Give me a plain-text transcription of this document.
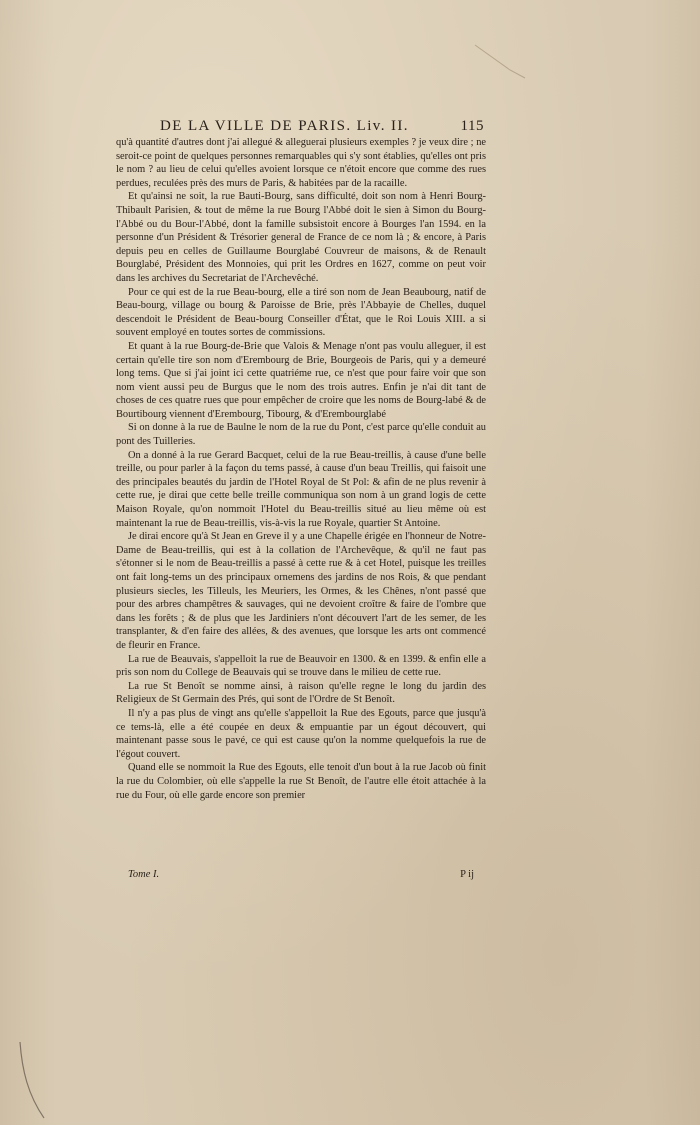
DE LA VILLE DE PARIS. Liv. II.	115

qu'à quantité d'autres dont j'ai allegué & alleguerai plusieurs exemples ? je veux dire ; ne seroit-ce point de quelques personnes remarquables qui s'y sont établies, qu'elles ont pris le nom ? au lieu de celui qu'elles avoient lorsque ce n'étoit encore que comme des rues perdues, reculées près des murs de Paris, & habitées par de la racaille.

Et qu'ainsi ne soit, la rue Bauti-Bourg, sans difficulté, doit son nom à Henri Bourg-Thibault Parisien, & tout de même la rue Bourg l'Abbé doit le sien à Simon du Bourg-l'Abbé ou du Bour-l'Abbé, dont la famille subsistoit encore à Bourges l'an 1594. en la personne d'un Président & Trésorier general de France de ce nom là ; & encore, à Paris depuis peu en celles de Guillaume Bourglabé Couvreur de maisons, & de Renault Bourglabé, Président des Monnoies, qui prit les Ordres en 1627, comme on peut voir dans les archives du Secretariat de l'Archevêché.

Pour ce qui est de la rue Beau-bourg, elle a tiré son nom de Jean Beaubourg, natif de Beau-bourg, village ou bourg & Paroisse de Brie, près l'Abbayie de Chelles, duquel descendoit le Président de Beau-bourg Conseiller d'État, que le Roi Louis XIII. a si souvent employé en toutes sortes de commissions.

Et quant à la rue Bourg-de-Brie que Valois & Menage n'ont pas voulu alleguer, il est certain qu'elle tire son nom d'Erembourg de Brie, Bourgeois de Paris, qui y a demeuré long tems. Que si j'ai joint ici cette quatriéme rue, ce n'est que pour faire voir que son nom vient aussi peu de Burgus que le nom des trois autres. Enfin je n'ai dit tant de choses de ces quatre rues que pour empêcher de croire que les noms de Bourg-labé & de Bourtibourg viennent d'Erembourg, Tibourg, & d'Erembourglabé

Si on donne à la rue de Baulne le nom de la rue du Pont, c'est parce qu'elle conduit au pont des Tuilleries.

On a donné à la rue Gerard Bacquet, celui de la rue Beau-treillis, à cause d'une belle treille, ou pour parler à la façon du tems passé, à cause d'un beau Treillis, qui faisoit une des principales beautés du jardin de l'Hotel Royal de St Pol: & afin de ne plus revenir à cette rue, je dirai que cette belle treille communiqua son nom à un grand logis de cette Maison Royale, qu'on nommoit l'Hotel du Beau-treillis situé au lieu même où est maintenant la rue de Beau-treillis, vis-à-vis la rue Royale, quartier St Antoine.

Je dirai encore qu'à St Jean en Greve il y a une Chapelle érigée en l'honneur de Notre-Dame de Beau-treillis, qui est à la collation de l'Archevêque, & qu'il ne faut pas s'étonner si le nom de Beau-treillis a passé à cette rue & à cet Hotel, puisque les treilles ont fait long-tems un des principaux ornemens des jardins de nos Rois, & que pendant plusieurs siecles, les Tilleuls, les Meuriers, les Ormes, & les Chênes, n'ont passé que pour des arbres champêtres & sauvages, qui ne devoient croître & faire de l'ombre que dans les forêts ; & de plus que les Jardiniers n'ont découvert l'art de les semer, de les transplanter, & d'en faire des allées, & des avenues, que lorsque les arts ont commencé de fleurir en France.

La rue de Beauvais, s'appelloit la rue de Beauvoir en 1300. & en 1399. & enfin elle a pris son nom du College de Beauvais qui se trouve dans le milieu de cette rue.

La rue St Benoît se nomme ainsi, à raison qu'elle regne le long du jardin des Religieux de St Germain des Prés, qui sont de l'Ordre de St Benoît.

Il n'y a pas plus de vingt ans qu'elle s'appelloit la Rue des Egouts, parce que jusqu'à ce tems-là, elle a été coupée en deux & empuantie par un égout découvert, qui maintenant passe sous le pavé, ce qui est cause qu'on la nomme quelquefois la rue de l'égout couvert.

Quand elle se nommoit la Rue des Egouts, elle tenoit d'un bout à la rue Jacob où finit la rue du Colombier, où elle s'appelle la rue St Benoît, de l'autre elle étoit attachée à la rue du Four, où elle garde encore son premier

Tome I.	P ij
